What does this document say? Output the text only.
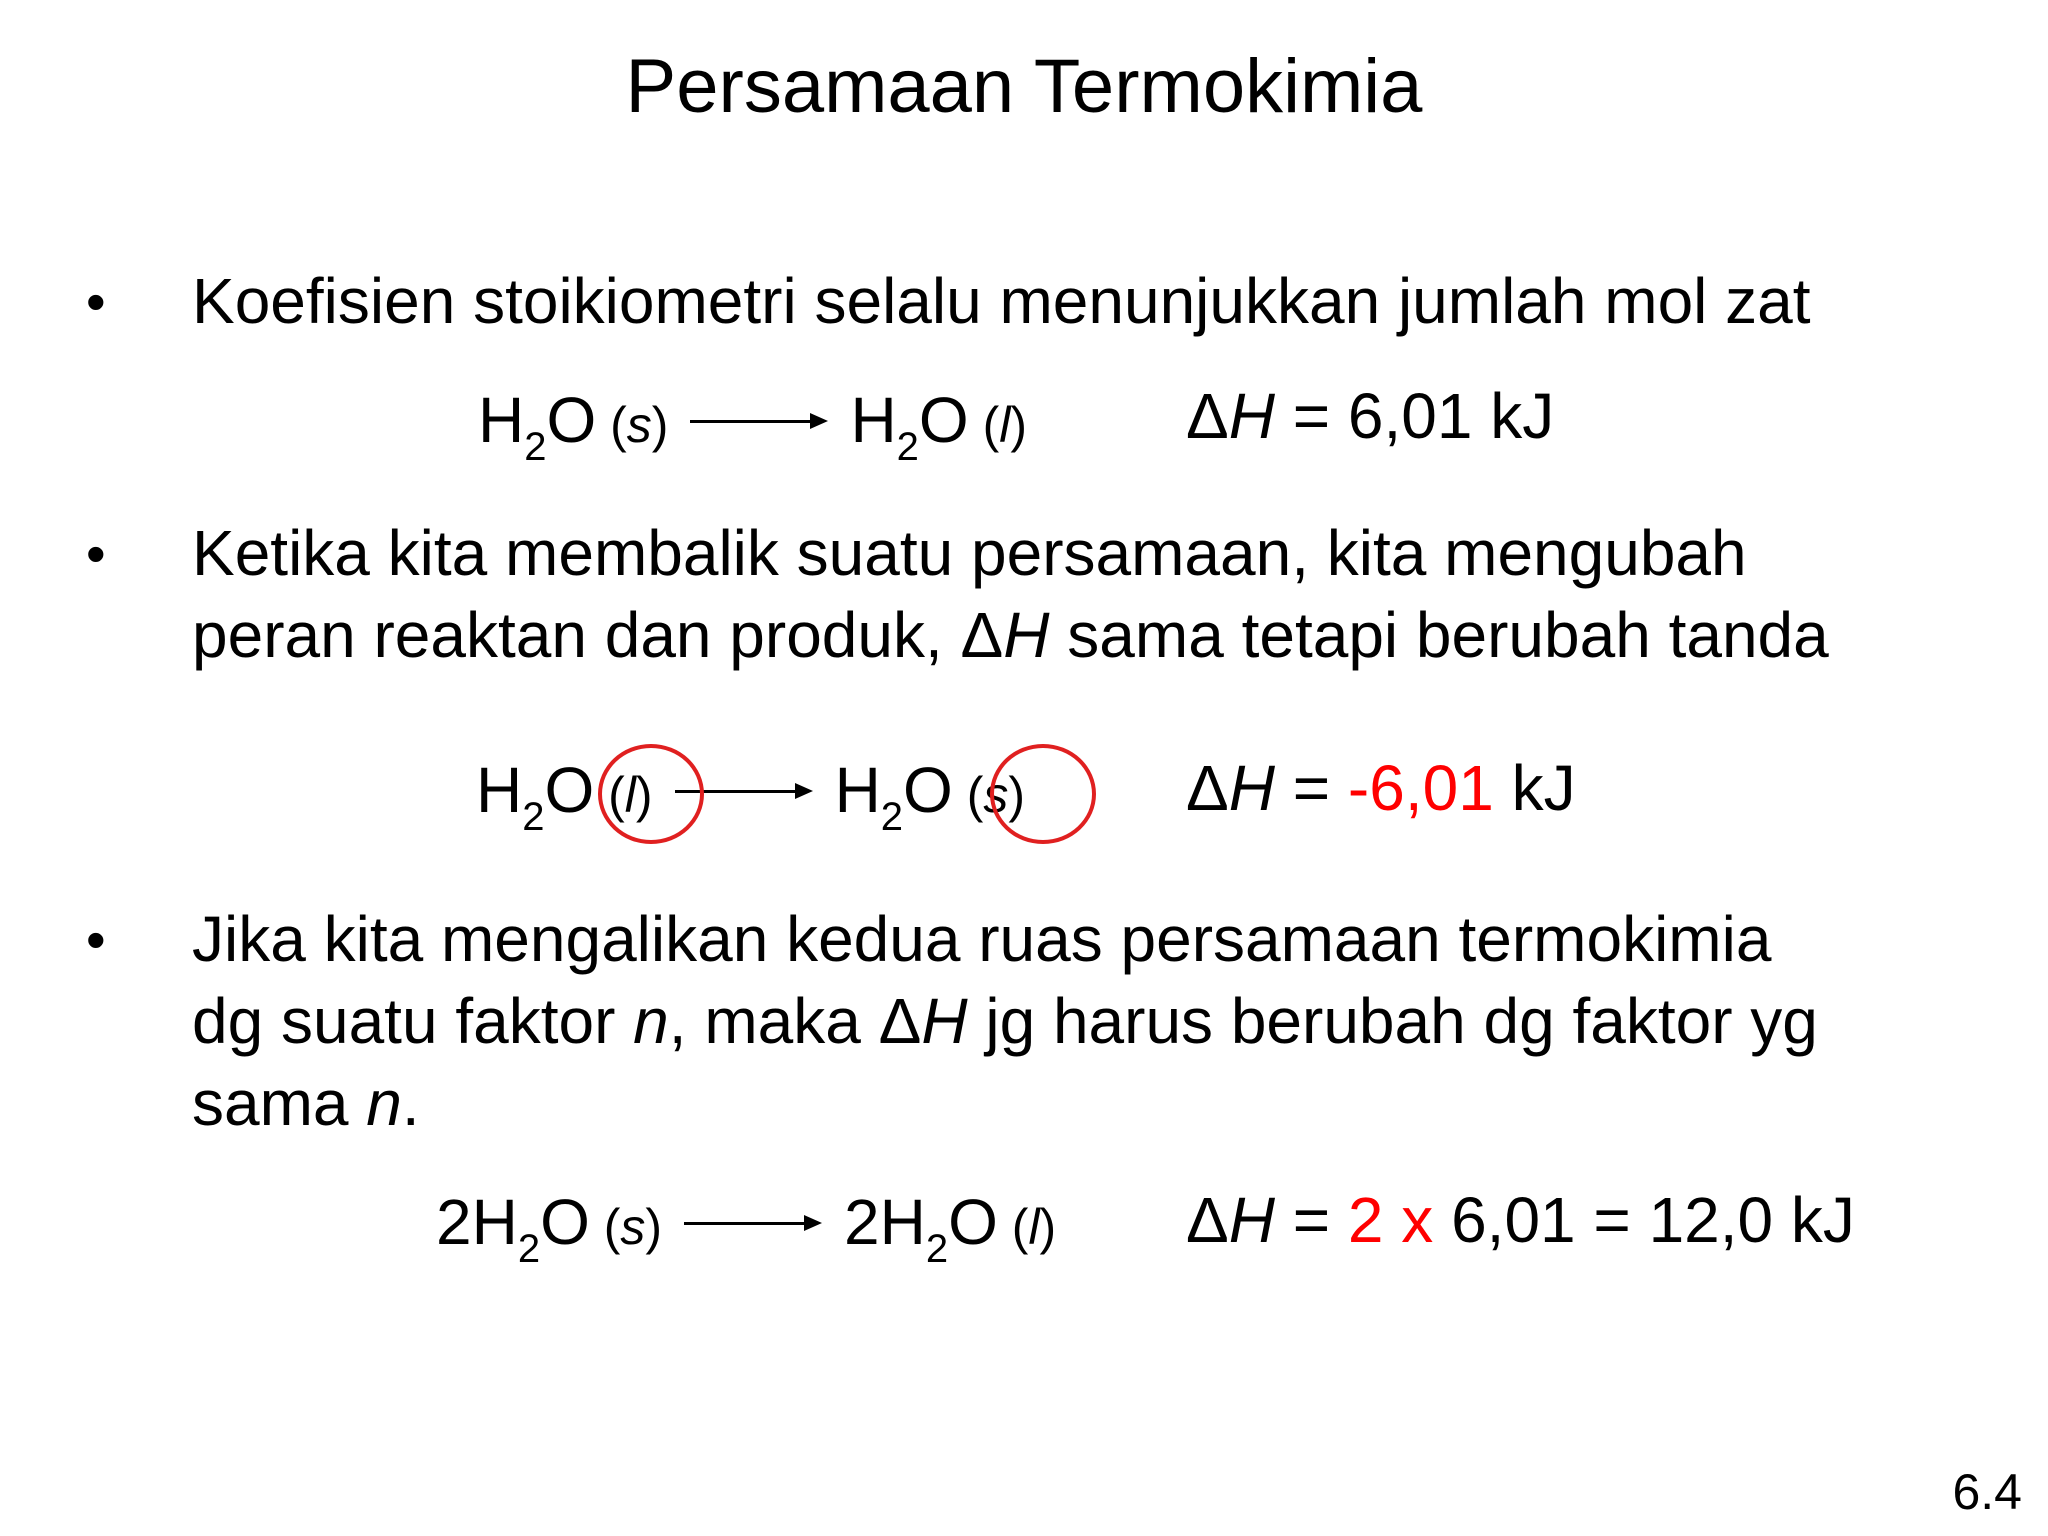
Persamaan Termokimia
• Koefisien stoikiometri selalu menunjukkan jumlah mol zat
$H_2O$ (s)	$H_2O$ (l) ΔH = 6,01 kJ
• Ketika kita membalik suatu persamaan, kita mengubah
peran reaktan dan produk, ΔH sama tetapi berubah tanda
$H_2O$ (l)	$H_2O$ (s)	ΔH = -6,01 kJ
• Jika kita mengalikan kedua ruas persamaan termokimia
dg suatu faktor n, maka ΔH jg harus berubah dg faktor yg
sama n.
$2H_2O$ (s)	$2H_2O$ (l) ΔH = 2 x 6,01 = 12,0 kJ
6.4
